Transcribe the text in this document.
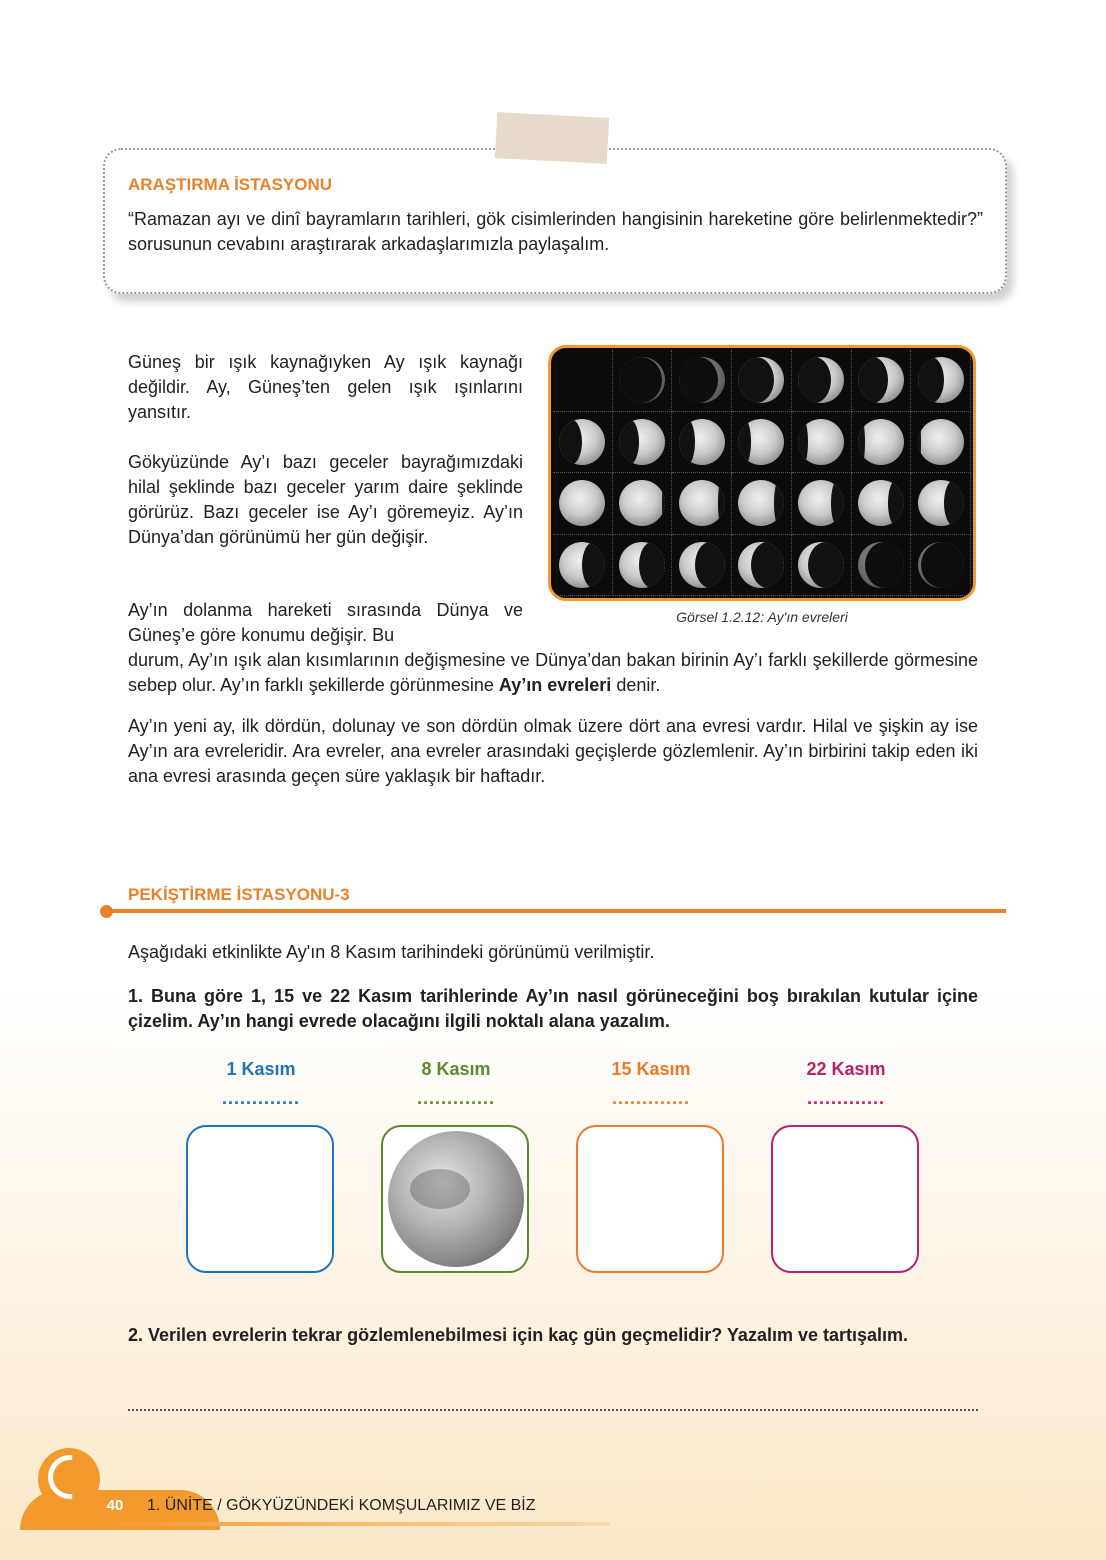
ARAŞTIRMA İSTASYONU
“Ramazan ayı ve dinî bayramların tarihleri, gök cisimlerinden hangisinin hareketine göre belirlenmektedir?” sorusunun cevabını araştırarak arkadaşlarımızla paylaşalım.

Güneş bir ışık kaynağıyken Ay ışık kaynağı değildir. Ay, Güneş’ten gelen ışık ışınlarını yansıtır.

Gökyüzünde Ay’ı bazı geceler bayrağımızdaki hilal şeklinde bazı geceler yarım daire şeklinde görürüz. Bazı geceler ise Ay’ı göremeyiz. Ay’ın Dünya’dan görünümü her gün değişir.

Ay’ın dolanma hareketi sırasında Dünya ve Güneş’e göre konumu değişir. Bu

durum, Ay’ın ışık alan kısımlarının değişmesine ve Dünya’dan bakan birinin Ay’ı farklı şekillerde görmesine sebep olur. Ay’ın farklı şekillerde görünmesine Ay’ın evreleri denir.

Ay’ın yeni ay, ilk dördün, dolunay ve son dördün olmak üzere dört ana evresi vardır. Hilal ve şişkin ay ise Ay’ın ara evreleridir. Ara evreler, ana evreler arasındaki geçişlerde gözlemlenir. Ay’ın birbirini takip eden iki ana evresi arasında geçen süre yaklaşık bir haftadır.

Görsel 1.2.12: Ay'ın evreleri
PEKİŞTİRME İSTASYONU-3

Aşağıdaki etkinlikte Ay'ın 8 Kasım tarihindeki görünümü verilmiştir.

1. Buna göre 1, 15 ve 22 Kasım tarihlerinde Ay’ın nasıl görüneceğini boş bırakılan kutular içine çizelim. Ay’ın hangi evrede olacağını ilgili noktalı alana yazalım.

1 Kasım	8 Kasım	15 Kasım	22 Kasım
.............	.............	.............	.............

2. Verilen evrelerin tekrar gözlemlenebilmesi için kaç gün geçmelidir? Yazalım ve tartışalım.

40	1. ÜNİTE / GÖKYÜZÜNDEKİ KOMŞULARIMIZ VE BİZ
